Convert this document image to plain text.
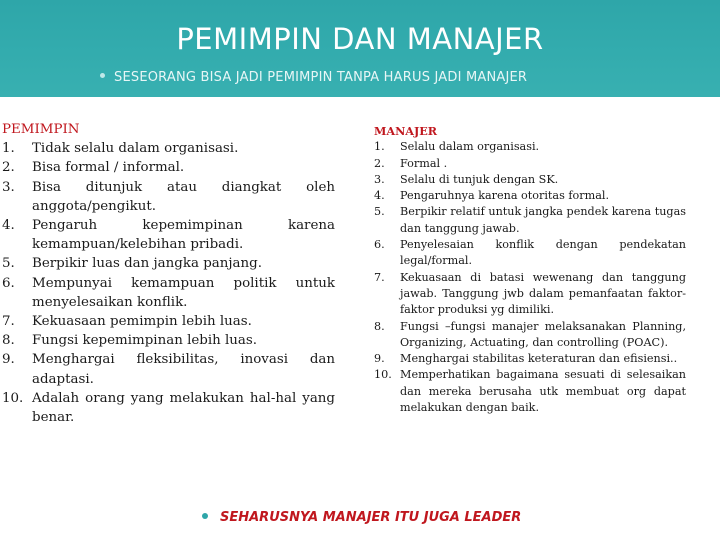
PEMIMPIN DAN MANAJER
SESEORANG BISA JADI PEMIMPIN TANPA HARUS JADI MANAJER
PEMIMPIN
1.	Tidak selalu dalam organisasi.
2.	Bisa formal / informal.
3.	Bisa ditunjuk atau diangkat oleh anggota/pengikut.
4.	Pengaruh kepemimpinan karena kemampuan/kelebihan pribadi.
5.	Berpikir luas dan jangka panjang.
6.	Mempunyai kemampuan politik untuk menyelesaikan konflik.
7.	Kekuasaan pemimpin lebih luas.
8.	Fungsi kepemimpinan lebih luas.
9.	Menghargai fleksibilitas, inovasi dan adaptasi.
10. Adalah orang yang melakukan hal-hal yang benar.
MANAJER
1.	Selalu dalam organisasi.
2.	Formal .
3.	Selalu di tunjuk dengan SK.
4.	Pengaruhnya karena otoritas formal.
5.	Berpikir relatif untuk jangka pendek karena tugas dan tanggung jawab.
6.	Penyelesaian konflik dengan pendekatan legal/formal.
7.	Kekuasaan di batasi wewenang dan tanggung jawab. Tanggung jwb dalam pemanfaatan faktor-faktor produksi yg dimiliki.
8.	Fungsi –fungsi manajer melaksanakan Planning, Organizing, Actuating, dan controlling (POAC).
9.	Menghargai stabilitas keteraturan dan efisiensi..
10. Memperhatikan bagaimana sesuati di selesaikan dan mereka berusaha utk membuat org dapat melakukan dengan baik.
SEHARUSNYA MANAJER ITU JUGA LEADER
